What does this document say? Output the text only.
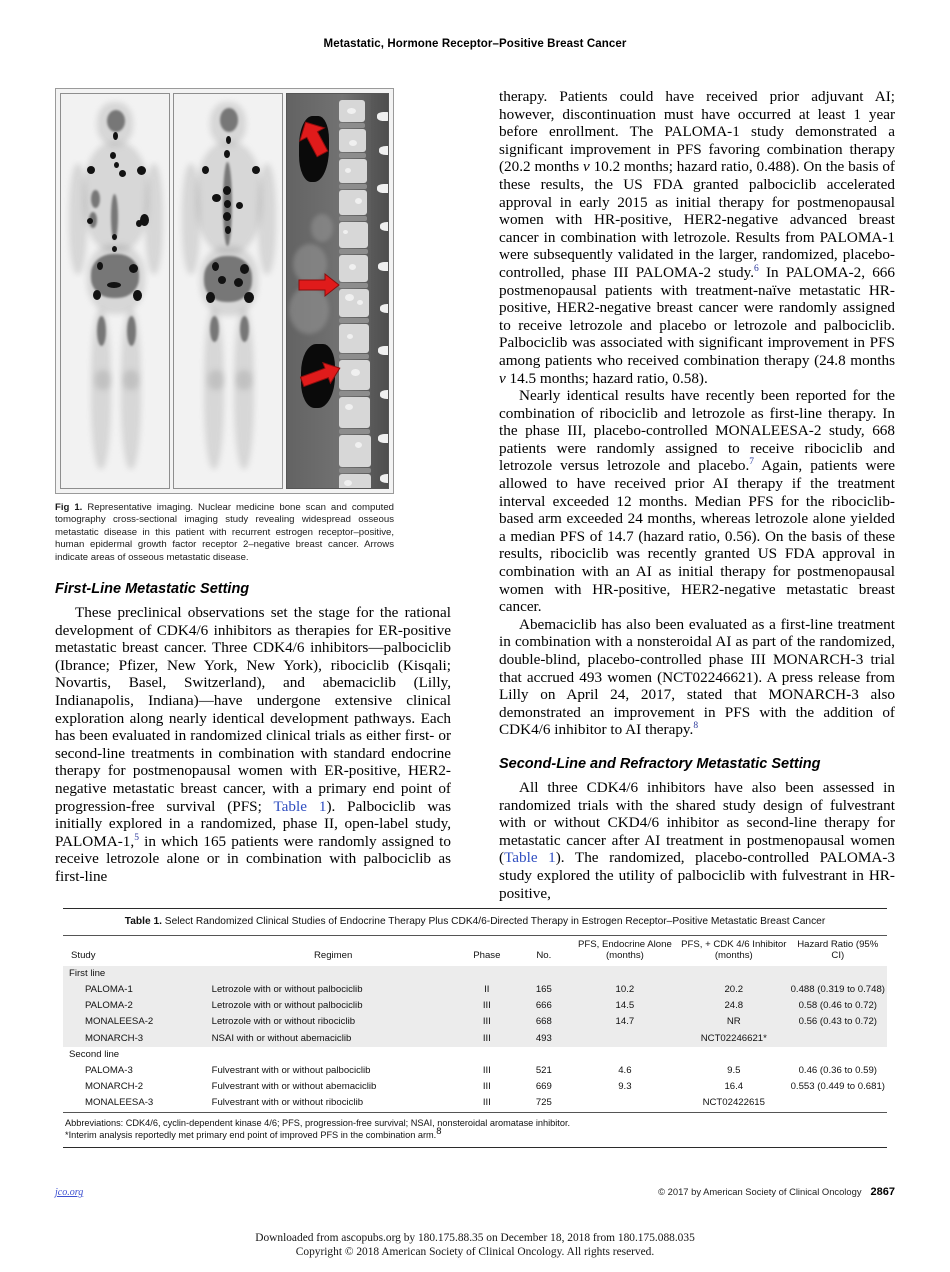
Metastatic, Hormone Receptor–Positive Breast Cancer
Fig 1. Representative imaging. Nuclear medicine bone scan and computed tomography cross-sectional imaging study revealing widespread osseous metastatic disease in this patient with recurrent estrogen receptor–positive, human epidermal growth factor receptor 2–negative breast cancer. Arrows indicate areas of osseous metastatic disease.
First-Line Metastatic Setting

These preclinical observations set the stage for the rational development of CDK4/6 inhibitors as therapies for ER-positive metastatic breast cancer. Three CDK4/6 inhibitors—palbociclib (Ibrance; Pfizer, New York, New York), ribociclib (Kisqali; Novartis, Basel, Switzerland), and abemaciclib (Lilly, Indianapolis, Indiana)—have undergone extensive clinical exploration along nearly identical development pathways. Each has been evaluated in randomized clinical trials as either first- or second-line treatments in combination with standard endocrine therapy for postmenopausal women with ER-positive, HER2-negative metastatic breast cancer, with a primary end point of progression-free survival (PFS; Table 1). Palbociclib was initially explored in a randomized, phase II, open-label study, PALOMA-1,$^5$ in which 165 patients were randomly assigned to receive letrozole alone or in combination with palbociclib as first-line

therapy. Patients could have received prior adjuvant AI; however, discontinuation must have occurred at least 1 year before enrollment. The PALOMA-1 study demonstrated a significant improvement in PFS favoring combination therapy (20.2 months v 10.2 months; hazard ratio, 0.488). On the basis of these results, the US FDA granted palbociclib accelerated approval in early 2015 as initial therapy for postmenopausal women with HR-positive, HER2-negative advanced breast cancer in combination with letrozole. Results from PALOMA-1 were subsequently validated in the larger, randomized, placebo-controlled, phase III PALOMA-2 study.$^6$ In PALOMA-2, 666 postmenopausal patients with treatment-naïve metastatic HR-positive, HER2-negative breast cancer were randomly assigned to receive letrozole and placebo or letrozole and palbociclib. Palbociclib was associated with significant improvement in PFS among patients who received combination therapy (24.8 months v 14.5 months; hazard ratio, 0.58).

Nearly identical results have recently been reported for the combination of ribociclib and letrozole as first-line therapy. In the phase III, placebo-controlled MONALEESA-2 study, 668 patients were randomly assigned to receive ribociclib and letrozole versus letrozole and placebo.$^7$ Again, patients were allowed to have received prior AI therapy if the treatment interval exceeded 12 months. Median PFS for the ribociclib-based arm exceeded 24 months, whereas letrozole alone yielded a median PFS of 14.7 (hazard ratio, 0.56). On the basis of these results, ribociclib was recently granted US FDA approval in combination with an AI as initial therapy for postmenopausal women with HR-positive, HER2-negative metastatic breast cancer.

Abemaciclib has also been evaluated as a first-line treatment in combination with a nonsteroidal AI as part of the randomized, double-blind, placebo-controlled phase III MONARCH-3 trial that accrued 493 women (NCT02246621). A press release from Lilly on April 24, 2017, stated that MONARCH-3 also demonstrated an improvement in PFS with the addition of CDK4/6 inhibitor to AI therapy.$^8$

Second-Line and Refractory Metastatic Setting

All three CDK4/6 inhibitors have also been assessed in randomized trials with the shared study design of fulvestrant with or without CKD4/6 inhibitor as second-line therapy for metastatic cancer after AI treatment in postmenopausal women (Table 1). The randomized, placebo-controlled PALOMA-3 study explored the utility of palbociclib with fulvestrant in HR-positive,

Table 1. Select Randomized Clinical Studies of Endocrine Therapy Plus CDK4/6-Directed Therapy in Estrogen Receptor–Positive Metastatic Breast Cancer
Study	Regimen	Phase	No.	PFS, Endocrine Alone (months)	PFS, + CDK 4/6 Inhibitor (months)	Hazard Ratio (95% CI)
First line						
PALOMA-1	Letrozole with or without palbociclib	II	165	10.2	20.2	0.488 (0.319 to 0.748)
PALOMA-2	Letrozole with or without palbociclib	III	666	14.5	24.8	0.58 (0.46 to 0.72)
MONALEESA-2	Letrozole with or without ribociclib	III	668	14.7	NR	0.56 (0.43 to 0.72)
MONARCH-3	NSAI with or without abemaciclib	III	493		NCT02246621*	
Second line						
PALOMA-3	Fulvestrant with or without palbociclib	III	521	4.6	9.5	0.46 (0.36 to 0.59)
MONARCH-2	Fulvestrant with or without abemaciclib	III	669	9.3	16.4	0.553 (0.449 to 0.681)
MONALEESA-3	Fulvestrant with or without ribociclib	III	725		NCT02422615	
Abbreviations: CDK4/6, cyclin-dependent kinase 4/6; PFS, progression-free survival; NSAI, nonsteroidal aromatase inhibitor.
*Interim analysis reportedly met primary end point of improved PFS in the combination arm.$^8$
jco.org	© 2017 by American Society of Clinical Oncology 2867
Downloaded from ascopubs.org by 180.175.88.35 on December 18, 2018 from 180.175.088.035
Copyright © 2018 American Society of Clinical Oncology. All rights reserved.
